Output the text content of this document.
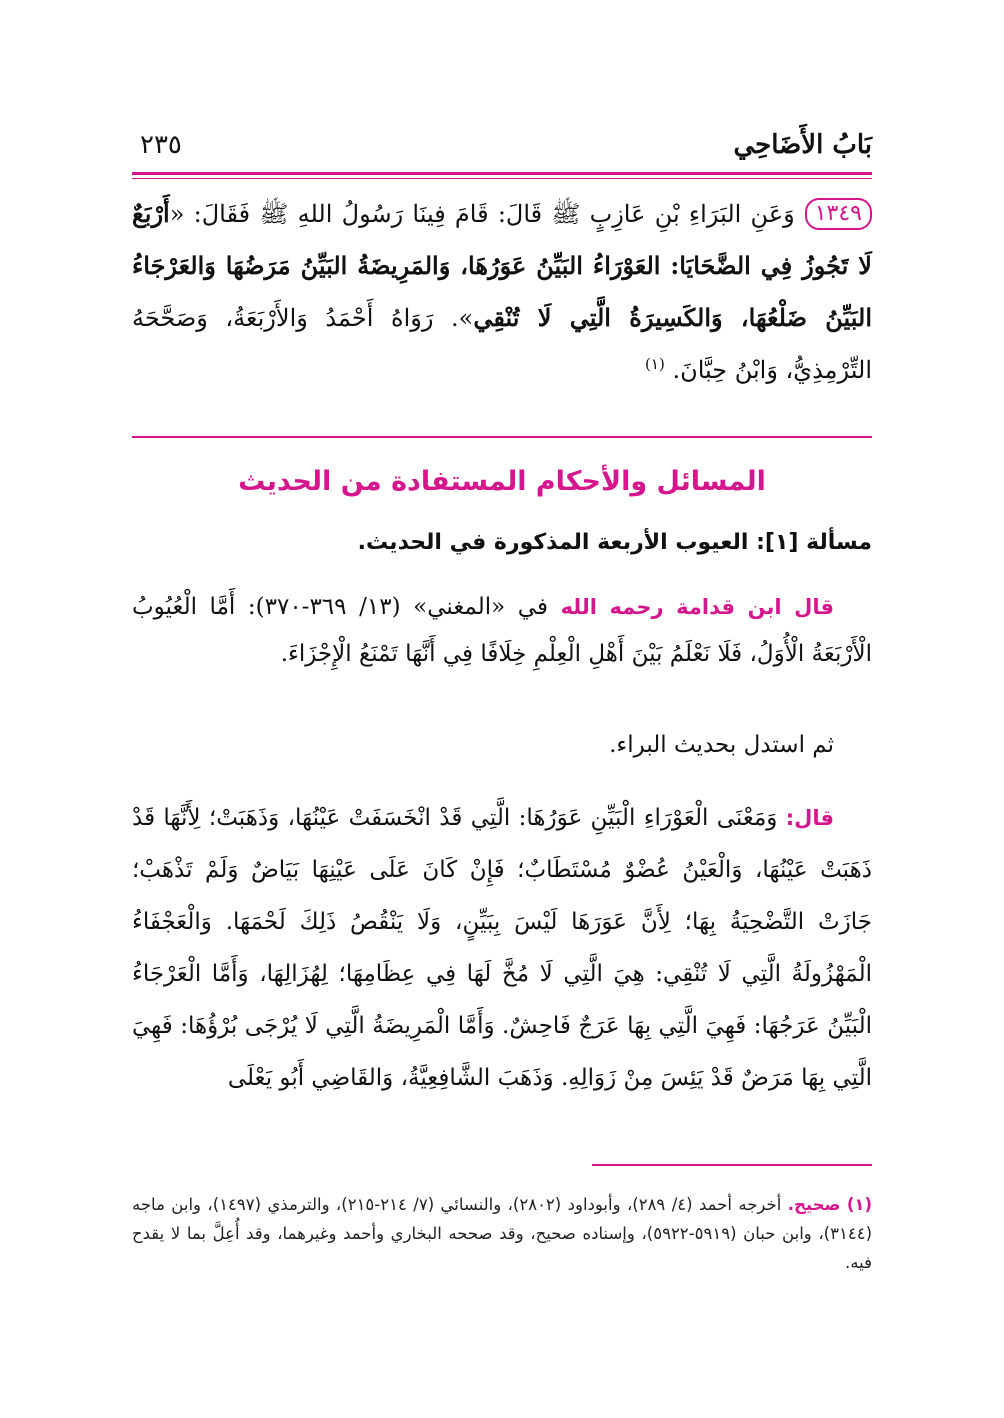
بَابُ الأَضَاحِي
٢٣٥
١٣٤٩وَعَنِ البَرَاءِ بْنِ عَازِبٍ ﷺ قَالَ: قَامَ فِينَا رَسُولُ اللهِ ﷺ فَقَالَ: «أَرْبَعٌ لَا تَجُوزُ فِي الضَّحَايَا: العَوْرَاءُ البَيِّنُ عَوَرُهَا، وَالمَرِيضَةُ البَيِّنُ مَرَضُهَا وَالعَرْجَاءُ البَيِّنُ ضَلْعُهَا، وَالكَسِيرَةُ الَّتِي لَا تُنْقِي». رَوَاهُ أَحْمَدُ وَالأَرْبَعَةُ، وَصَحَّحَهُ التِّرْمِذِيُّ، وَابْنُ حِبَّانَ. $^{(١)}$
المسائل والأحكام المستفادة من الحديث
مسألة [١]: العيوب الأربعة المذكورة في الحديث.
قال ابن قدامة رحمه الله في «المغني» (١٣/ ٣٦٩-٣٧٠): أَمَّا الْعُيُوبُ الْأَرْبَعَةُ الْأُوَلُ، فَلَا نَعْلَمُ بَيْنَ أَهْلِ الْعِلْمِ خِلَافًا فِي أَنَّهَا تَمْنَعُ الْإِجْزَاءَ.
ثم استدل بحديث البراء.
قال: وَمَعْنَى الْعَوْرَاءِ الْبَيِّنِ عَوَرُهَا: الَّتِي قَدْ انْخَسَفَتْ عَيْنُهَا، وَذَهَبَتْ؛ لِأَنَّهَا قَدْ ذَهَبَتْ عَيْنُهَا، وَالْعَيْنُ عُضْوٌ مُسْتَطَابٌ؛ فَإِنْ كَانَ عَلَى عَيْنِهَا بَيَاضٌ وَلَمْ تَذْهَبْ؛ جَازَتْ التَّضْحِيَةُ بِهَا؛ لِأَنَّ عَوَرَهَا لَيْسَ بِبَيِّنٍ، وَلَا يَنْقُصُ ذَلِكَ لَحْمَهَا. وَالْعَجْفَاءُ الْمَهْزُولَةُ الَّتِي لَا تُنْقِي: هِيَ الَّتِي لَا مُخَّ لَهَا فِي عِظَامِهَا؛ لِهُزَالِهَا، وَأَمَّا الْعَرْجَاءُ الْبَيِّنُ عَرَجُهَا: فَهِيَ الَّتِي بِهَا عَرَجٌ فَاحِشٌ. وَأَمَّا الْمَرِيضَةُ الَّتِي لَا يُرْجَى بُرْؤُهَا: فَهِيَ الَّتِي بِهَا مَرَضٌ قَدْ يَئِسَ مِنْ زَوَالِهِ. وَذَهَبَ الشَّافِعِيَّةُ، وَالقَاضِي أَبُو يَعْلَى
(١) صحيح. أخرجه أحمد (٤/ ٢٨٩)، وأبوداود (٢٨٠٢)، والنسائي (٧/ ٢١٤-٢١٥)، والترمذي (١٤٩٧)، وابن ماجه (٣١٤٤)، وابن حبان (٥٩١٩-٥٩٢٢)، وإسناده صحيح، وقد صححه البخاري وأحمد وغيرهما، وقد أُعِلَّ بما لا يقدح فيه.
